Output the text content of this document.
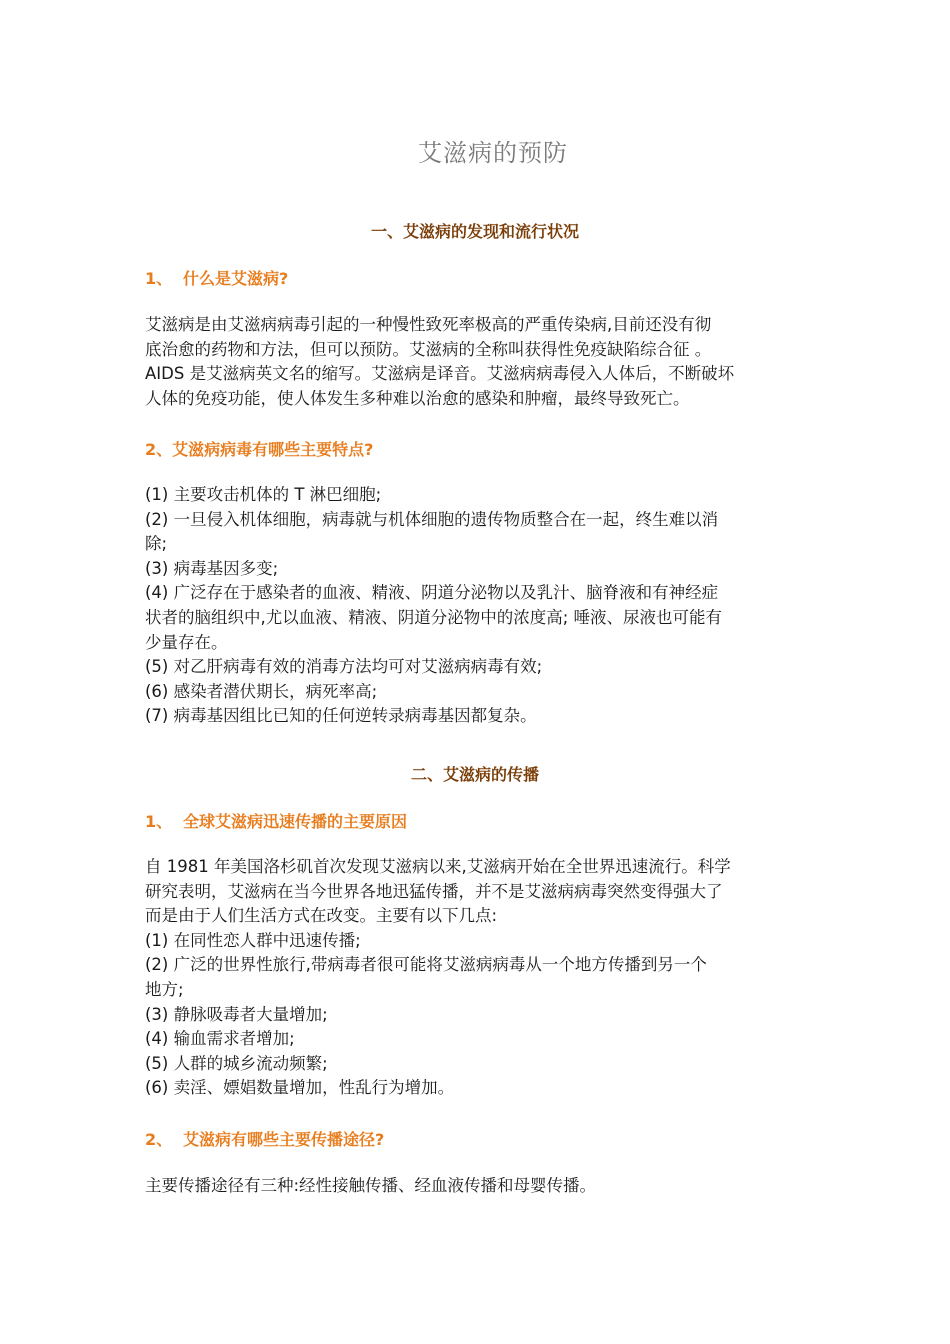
艾滋病的预防
一、艾滋病的发现和流行状况
1、 什么是艾滋病?
艾滋病是由艾滋病病毒引起的一种慢性致死率极高的严重传染病,目前还没有彻
底治愈的药物和方法，但可以预防。艾滋病的全称叫获得性免疫缺陷综合征 。
AIDS 是艾滋病英文名的缩写。艾滋病是译音。艾滋病病毒侵入人体后，不断破坏
人体的免疫功能，使人体发生多种难以治愈的感染和肿瘤，最终导致死亡。
2、艾滋病病毒有哪些主要特点?
(1) 主要攻击机体的 T 淋巴细胞;
(2) 一旦侵入机体细胞，病毒就与机体细胞的遗传物质整合在一起，终生难以消
除;
(3) 病毒基因多变;
(4) 广泛存在于感染者的血液、精液、阴道分泌物以及乳汁、脑脊液和有神经症
状者的脑组织中,尤以血液、精液、阴道分泌物中的浓度高; 唾液、尿液也可能有
少量存在。
(5) 对乙肝病毒有效的消毒方法均可对艾滋病病毒有效;
(6) 感染者潜伏期长，病死率高;
(7) 病毒基因组比已知的任何逆转录病毒基因都复杂。
二、艾滋病的传播
1、 全球艾滋病迅速传播的主要原因
自 1981 年美国洛杉矶首次发现艾滋病以来,艾滋病开始在全世界迅速流行。科学
研究表明，艾滋病在当今世界各地迅猛传播，并不是艾滋病病毒突然变得强大了
而是由于人们生活方式在改变。主要有以下几点:
(1) 在同性恋人群中迅速传播;
(2) 广泛的世界性旅行,带病毒者很可能将艾滋病病毒从一个地方传播到另一个
地方;
(3) 静脉吸毒者大量增加;
(4) 输血需求者增加;
(5) 人群的城乡流动频繁;
(6) 卖淫、嫖娼数量增加，性乱行为增加。
2、 艾滋病有哪些主要传播途径?
主要传播途径有三种:经性接触传播、经血液传播和母婴传播。
